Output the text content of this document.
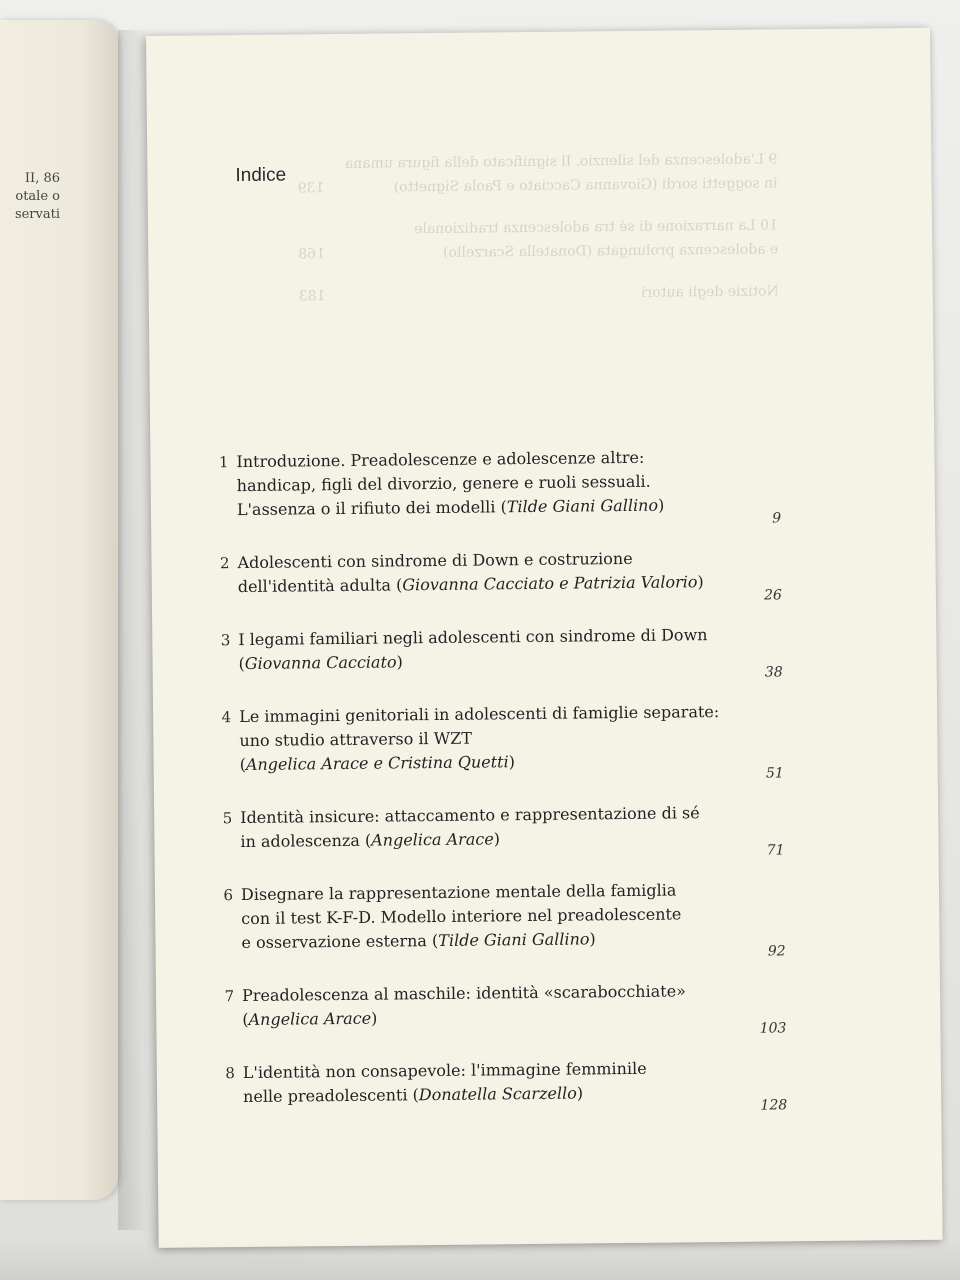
II, 86
otale o
servati
9 L'adolescenza del silenzio. Il significato della figura umana
in soggetti sordi (Giovanna Cacciato e Paola Signetto)
139
10 La narrazione di sé tra adolescenza tradizionale
e adolescenza prolungata (Donatella Scarzello)
168
Notizie degli autori
183
Indice
1 Introduzione. Preadolescenze e adolescenze altre:
handicap, figli del divorzio, genere e ruoli sessuali.
L'assenza o il rifiuto dei modelli (Tilde Giani Gallino)
9
2 Adolescenti con sindrome di Down e costruzione
dell'identità adulta (Giovanna Cacciato e Patrizia Valorio)
26
3 I legami familiari negli adolescenti con sindrome di Down
(Giovanna Cacciato)
38
4 Le immagini genitoriali in adolescenti di famiglie separate:
uno studio attraverso il WZT
(Angelica Arace e Cristina Quetti)
51
5 Identità insicure: attaccamento e rappresentazione di sé
in adolescenza (Angelica Arace)
71
6 Disegnare la rappresentazione mentale della famiglia
con il test K-F-D. Modello interiore nel preadolescente
e osservazione esterna (Tilde Giani Gallino)
92
7 Preadolescenza al maschile: identità «scarabocchiate»
(Angelica Arace)
103
8 L'identità non consapevole: l'immagine femminile
nelle preadolescenti (Donatella Scarzello)
128
